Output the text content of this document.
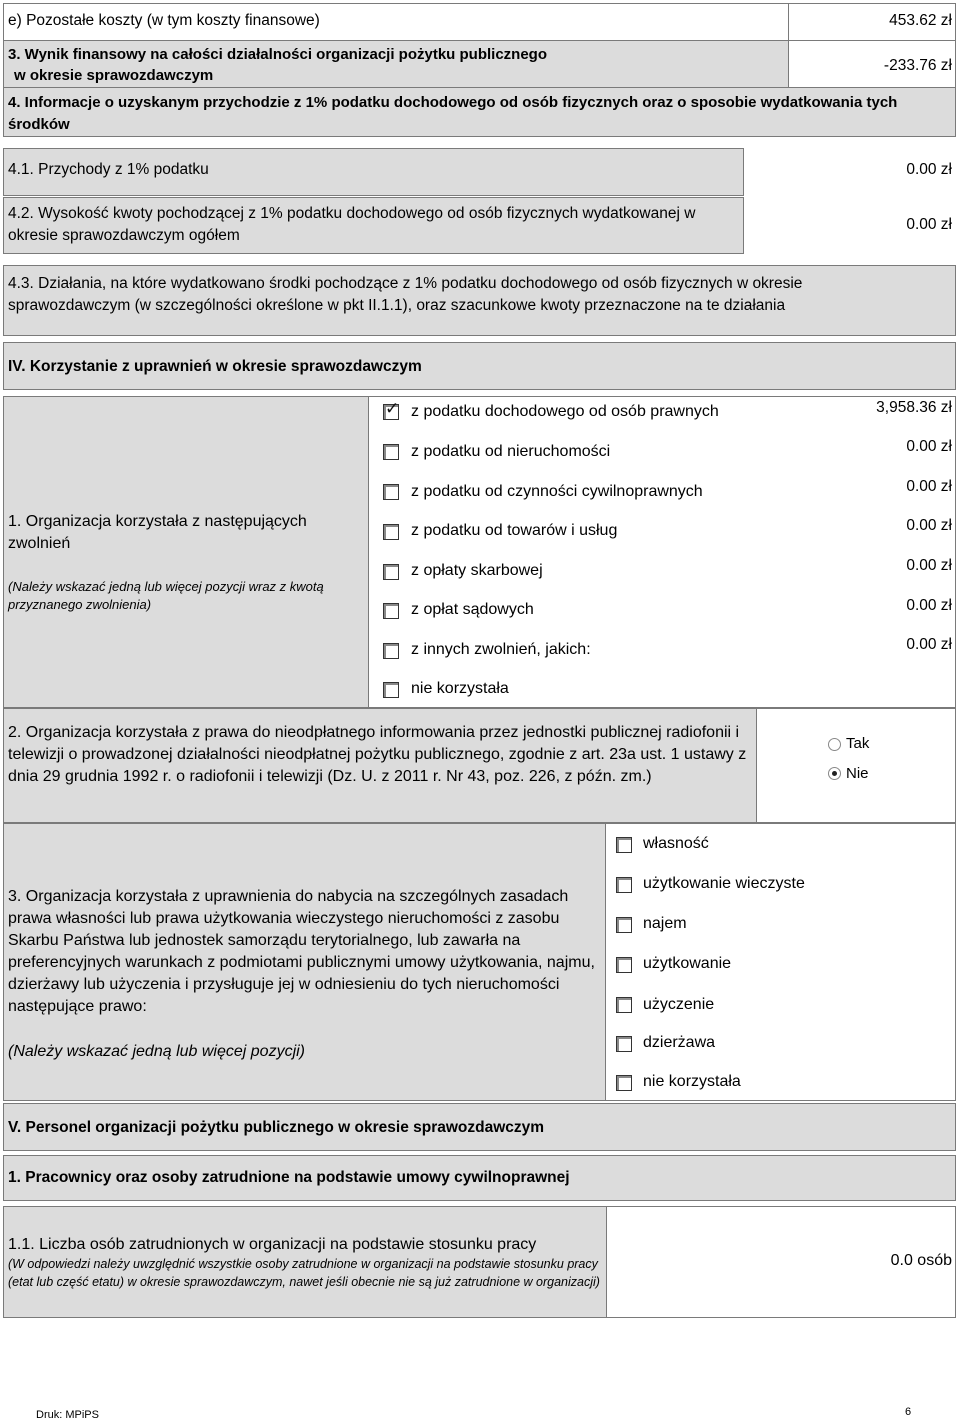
e) Pozostałe koszty (w tym koszty finansowe)	453.62 zł
3. Wynik finansowy na całości działalności organizacji pożytku publicznego
w okresie sprawozdawczym
-233.76 zł
4. Informacje o uzyskanym przychodzie z 1% podatku dochodowego od osób fizycznych oraz o sposobie wydatkowania tych środków
4.1. Przychody z 1% podatku	0.00 zł
4.2. Wysokość kwoty pochodzącej z 1% podatku dochodowego od osób fizycznych wydatkowanej w okresie sprawozdawczym ogółem
0.00 zł
4.3. Działania, na które wydatkowano środki pochodzące z 1% podatku dochodowego od osób fizycznych w okresie sprawozdawczym (w szczególności określone w pkt II.1.1), oraz szacunkowe kwoty przeznaczone na te działania
IV. Korzystanie z uprawnień w okresie sprawozdawczym
1. Organizacja korzystała z następujących zwolnień
(Należy wskazać jedną lub więcej pozycji wraz z kwotą przyznanego zwolnienia)
✓
z podatku dochodowego od osób prawnych	3,958.36 zł
z podatku od nieruchomości	0.00 zł
z podatku od czynności cywilnoprawnych	0.00 zł
z podatku od towarów i usług	0.00 zł
z opłaty skarbowej	0.00 zł
z opłat sądowych	0.00 zł
z innych zwolnień, jakich:	0.00 zł
nie korzystała
2. Organizacja korzystała z prawa do nieodpłatnego informowania przez jednostki publicznej radiofonii i telewizji o prowadzonej działalności nieodpłatnej pożytku publicznego, zgodnie z art. 23a ust. 1 ustawy z dnia 29 grudnia 1992 r. o radiofonii i telewizji (Dz. U. z 2011 r. Nr 43, poz. 226, z późn. zm.)
Tak
Nie
3. Organizacja korzystała z uprawnienia do nabycia na szczególnych zasadach prawa własności lub prawa użytkowania wieczystego nieruchomości z zasobu Skarbu Państwa lub jednostek samorządu terytorialnego, lub zawarła na preferencyjnych warunkach z podmiotami publicznymi umowy użytkowania, najmu, dzierżawy lub użyczenia i przysługuje jej w odniesieniu do tych nieruchomości następujące prawo:
(Należy wskazać jedną lub więcej pozycji)
własność
użytkowanie wieczyste
najem
użytkowanie
użyczenie
dzierżawa
nie korzystała
V. Personel organizacji pożytku publicznego w okresie sprawozdawczym
1. Pracownicy oraz osoby zatrudnione na podstawie umowy cywilnoprawnej
1.1. Liczba osób zatrudnionych w organizacji na podstawie stosunku pracy
(W odpowiedzi należy uwzględnić wszystkie osoby zatrudnione w organizacji na podstawie stosunku pracy (etat lub część etatu) w okresie sprawozdawczym, nawet jeśli obecnie nie są już zatrudnione w organizacji)
0.0 osób
Druk: MPiPS	6
